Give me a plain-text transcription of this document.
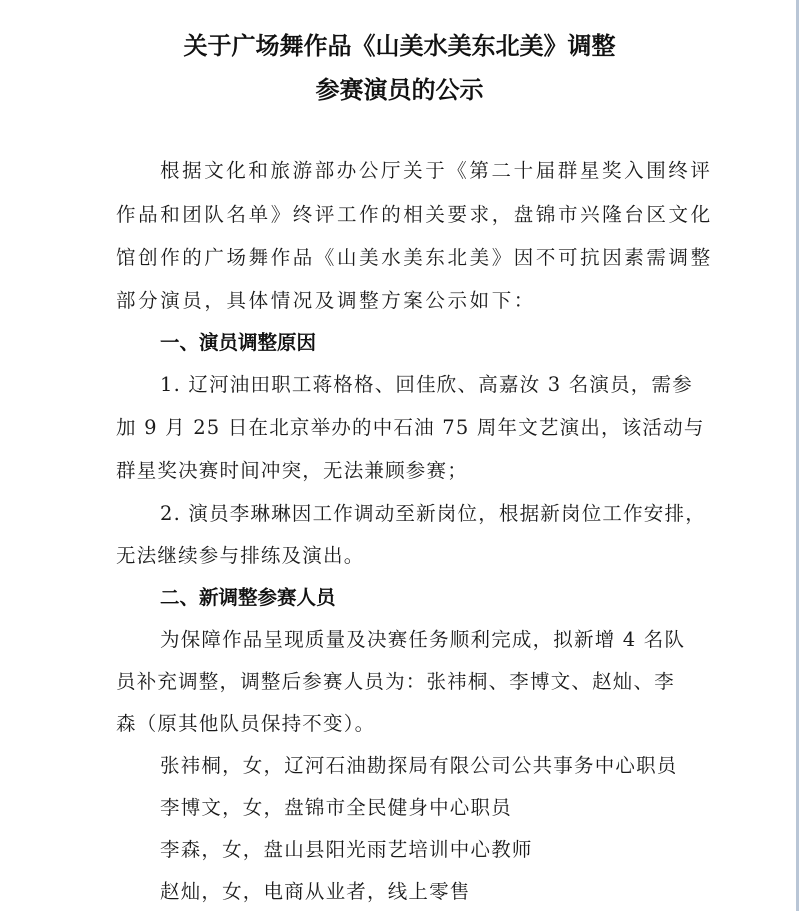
关于广场舞作品《山美水美东北美》调整
参赛演员的公示

根据文化和旅游部办公厅关于《第二十届群星奖入围终评

作品和团队名单》终评工作的相关要求，盘锦市兴隆台区文化

馆创作的广场舞作品《山美水美东北美》因不可抗因素需调整

部分演员，具体情况及调整方案公示如下：

一、演员调整原因

1. 辽河油田职工蒋格格、回佳欣、高嘉汝 3 名演员，需参

加 9 月 25 日在北京举办的中石油 75 周年文艺演出，该活动与

群星奖决赛时间冲突，无法兼顾参赛；

2. 演员李琳琳因工作调动至新岗位，根据新岗位工作安排，

无法继续参与排练及演出。

二、新调整参赛人员

为保障作品呈现质量及决赛任务顺利完成，拟新增 4 名队

员补充调整，调整后参赛人员为：张祎桐、李博文、赵灿、李

森（原其他队员保持不变）。

张祎桐，女，辽河石油勘探局有限公司公共事务中心职员

李博文，女，盘锦市全民健身中心职员

李森，女，盘山县阳光雨艺培训中心教师

赵灿，女，电商从业者，线上零售
